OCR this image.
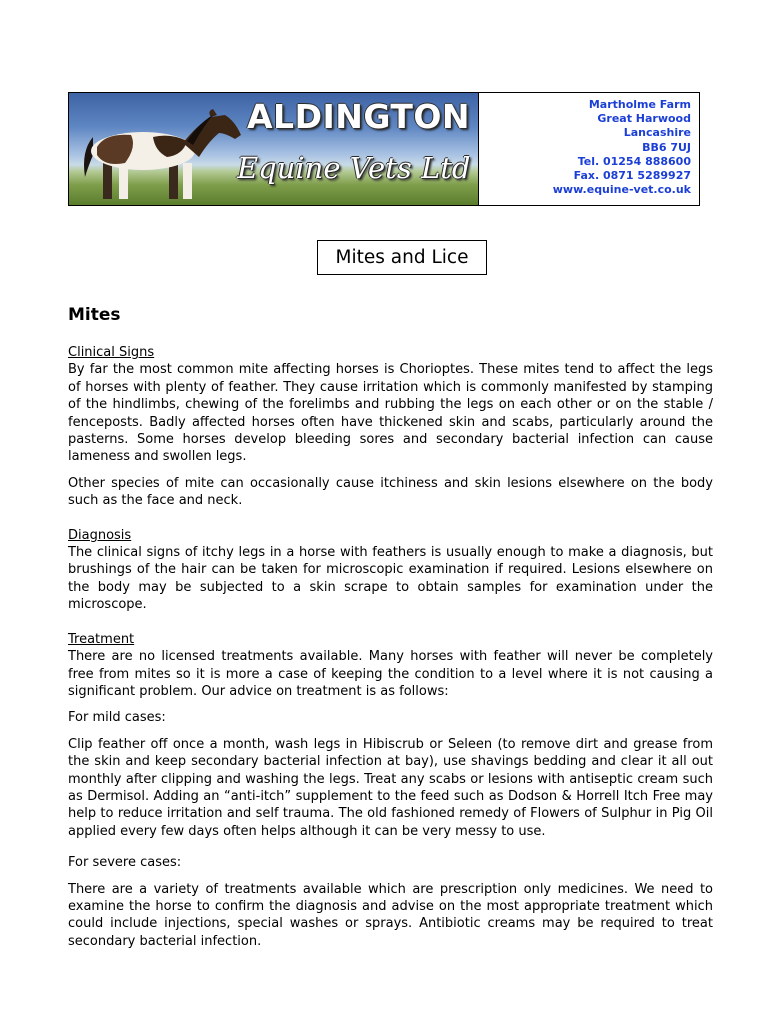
ALDINGTON
Equine Vets Ltd
Martholme Farm
Great Harwood
Lancashire
BB6 7UJ
Tel. 01254 888600
Fax. 0871 5289927
www.equine-vet.co.uk
Mites and Lice
Mites
Clinical Signs

By far the most common mite affecting horses is Chorioptes. These mites tend to affect the legs of horses with plenty of feather. They cause irritation which is commonly manifested by stamping of the hindlimbs, chewing of the forelimbs and rubbing the legs on each other or on the stable / fenceposts. Badly affected horses often have thickened skin and scabs, particularly around the pasterns. Some horses develop bleeding sores and secondary bacterial infection can cause lameness and swollen legs.

Other species of mite can occasionally cause itchiness and skin lesions elsewhere on the body such as the face and neck.

Diagnosis

The clinical signs of itchy legs in a horse with feathers is usually enough to make a diagnosis, but brushings of the hair can be taken for microscopic examination if required. Lesions elsewhere on the body may be subjected to a skin scrape to obtain samples for examination under the microscope.

Treatment

There are no licensed treatments available. Many horses with feather will never be completely free from mites so it is more a case of keeping the condition to a level where it is not causing a significant problem. Our advice on treatment is as follows:

For mild cases:

Clip feather off once a month, wash legs in Hibiscrub or Seleen (to remove dirt and grease from the skin and keep secondary bacterial infection at bay), use shavings bedding and clear it all out monthly after clipping and washing the legs. Treat any scabs or lesions with antiseptic cream such as Dermisol. Adding an “anti-itch” supplement to the feed such as Dodson & Horrell Itch Free may help to reduce irritation and self trauma. The old fashioned remedy of Flowers of Sulphur in Pig Oil applied every few days often helps although it can be very messy to use.

For severe cases:

There are a variety of treatments available which are prescription only medicines. We need to examine the horse to confirm the diagnosis and advise on the most appropriate treatment which could include injections, special washes or sprays. Antibiotic creams may be required to treat secondary bacterial infection.
